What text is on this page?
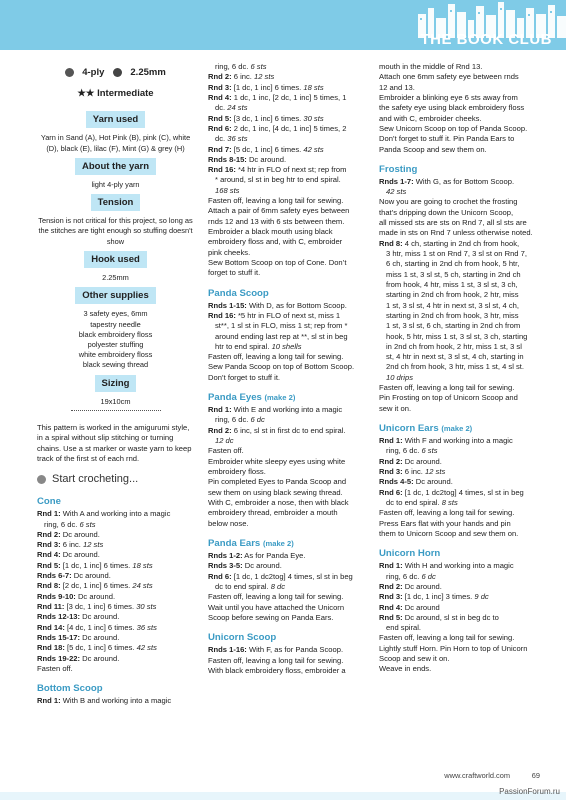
THE BOOK CLUB
4-ply	2.25mm
★★ Intermediate
Yarn used

Yarn in Sand (A), Hot Pink (B), pink (C), white (D), black (E), lilac (F), Mint (G) & grey (H)

About the yarn

light 4-ply yarn

Tension

Tension is not critical for this project, so long as the stitches are tight enough so stuffing doesn't show

Hook used

2.25mm

Other supplies

3 safety eyes, 6mm

tapestry needle

black embroidery floss

polyester stuffing

white embroidery floss

black sewing thread

Sizing

19x10cm

This pattern is worked in the amigurumi style, in a spiral without slip stitching or turning chains. Use a st marker or waste yarn to keep track of the first st of each rnd.

Start crocheting...
Cone

Rnd 1: With A and working into a magic

ring, 6 dc. 6 sts

Rnd 2: Dc around.

Rnd 3: 6 inc. 12 sts

Rnd 4: Dc around.

Rnd 5: [1 dc, 1 inc] 6 times. 18 sts

Rnds 6-7: Dc around.

Rnd 8: [2 dc, 1 inc] 6 times. 24 sts

Rnds 9-10: Dc around.

Rnd 11: [3 dc, 1 inc] 6 times. 30 sts

Rnds 12-13: Dc around.

Rnd 14: [4 dc, 1 inc] 6 times. 36 sts

Rnds 15-17: Dc around.

Rnd 18: [5 dc, 1 inc] 6 times. 42 sts

Rnds 19-22: Dc around.

Fasten off.

Bottom Scoop

Rnd 1: With B and working into a magic

ring, 6 dc. 6 sts

Rnd 2: 6 inc. 12 sts

Rnd 3: [1 dc, 1 inc] 6 times. 18 sts

Rnd 4: 1 dc, 1 inc, [2 dc, 1 inc] 5 times, 1

dc. 24 sts

Rnd 5: [3 dc, 1 inc] 6 times. 30 sts

Rnd 6: 2 dc, 1 inc, [4 dc, 1 inc] 5 times, 2

dc. 36 sts

Rnd 7: [5 dc, 1 inc] 6 times. 42 sts

Rnds 8-15: Dc around.

Rnd 16: *4 htr in FLO of next st; rep from

* around, sl st in beg htr to end spiral.

168 sts

Fasten off, leaving a long tail for sewing.

Attach a pair of 6mm safety eyes between

rnds 12 and 13 with 6 sts between them.

Embroider a black mouth using black

embroidery floss and, with C, embroider

pink cheeks.

Sew Bottom Scoop on top of Cone. Don’t

forget to stuff it.

Panda Scoop

Rnds 1-15: With D, as for Bottom Scoop.

Rnd 16: *5 htr in FLO of next st, miss 1

st**, 1 sl st in FLO, miss 1 st; rep from *

around ending last rep at **, sl st in beg

htr to end spiral. 10 shells

Fasten off, leaving a long tail for sewing.

Sew Panda Scoop on top of Bottom Scoop.

Don’t forget to stuff it.

Panda Eyes (make 2)

Rnd 1: With E and working into a magic

ring, 6 dc. 6 dc

Rnd 2: 6 inc, sl st in first dc to end spiral.

12 dc

Fasten off.

Embroider white sleepy eyes using white

embroidery floss.

Pin completed Eyes to Panda Scoop and

sew them on using black sewing thread.

With C, embroider a nose, then with black

embroidery thread, embroider a mouth

below nose.

Panda Ears (make 2)

Rnds 1-2: As for Panda Eye.

Rnds 3-5: Dc around.

Rnd 6: [1 dc, 1 dc2tog] 4 times, sl st in beg

dc to end spiral. 8 dc

Fasten off, leaving a long tail for sewing.

Wait until you have attached the Unicorn

Scoop before sewing on Panda Ears.

Unicorn Scoop

Rnds 1-16: With F, as for Panda Scoop.

Fasten off, leaving a long tail for sewing.

With black embroidery floss, embroider a

mouth in the middle of Rnd 13.

Attach one 6mm safety eye between rnds

12 and 13.

Embroider a blinking eye 6 sts away from

the safety eye using black embroidery floss

and with C, embroider cheeks.

Sew Unicorn Scoop on top of Panda Scoop.

Don’t forget to stuff it. Pin Panda Ears to

Panda Scoop and sew them on.

Frosting

Rnds 1-7: With G, as for Bottom Scoop.

42 sts

Now you are going to crochet the frosting

that’s dripping down the Unicorn Scoop,

all missed sts are sts on Rnd 7, all sl sts are

made in sts on Rnd 7 unless otherwise noted.

Rnd 8: 4 ch, starting in 2nd ch from hook,

3 htr, miss 1 st on Rnd 7, 3 sl st on Rnd 7,

6 ch, starting in 2nd ch from hook, 5 htr,

miss 1 st, 3 sl st, 5 ch, starting in 2nd ch

from hook, 4 htr, miss 1 st, 3 sl st, 3 ch,

starting in 2nd ch from hook, 2 htr, miss

1 st, 3 sl st, 4 htr in next st, 3 sl st, 4 ch,

starting in 2nd ch from hook, 3 htr, miss

1 st, 3 sl st, 6 ch, starting in 2nd ch from

hook, 5 htr, miss 1 st, 3 sl st, 3 ch, starting

in 2nd ch from hook, 2 htr, miss 1 st, 3 sl

st, 4 htr in next st, 3 sl st, 4 ch, starting in

2nd ch from hook, 3 htr, miss 1 st, 4 sl st.

10 drips

Fasten off, leaving a long tail for sewing.

Pin Frosting on top of Unicorn Scoop and

sew it on.

Unicorn Ears (make 2)

Rnd 1: With F and working into a magic

ring, 6 dc. 6 sts

Rnd 2: Dc around.

Rnd 3: 6 inc. 12 sts

Rnds 4-5: Dc around.

Rnd 6: [1 dc, 1 dc2tog] 4 times, sl st in beg

dc to end spiral. 8 sts

Fasten off, leaving a long tail for sewing.

Press Ears flat with your hands and pin

them to Unicorn Scoop and sew them on.

Unicorn Horn

Rnd 1: With H and working into a magic

ring, 6 dc. 6 dc

Rnd 2: Dc around.

Rnd 3: [1 dc, 1 inc] 3 times. 9 dc

Rnd 4: Dc around

Rnd 5: Dc around, sl st in beg dc to

end spiral.

Fasten off, leaving a long tail for sewing.

Lightly stuff Horn. Pin Horn to top of Unicorn

Scoop and sew it on.

Weave in ends.

www.craftworld.com	69
PassionForum.ru
